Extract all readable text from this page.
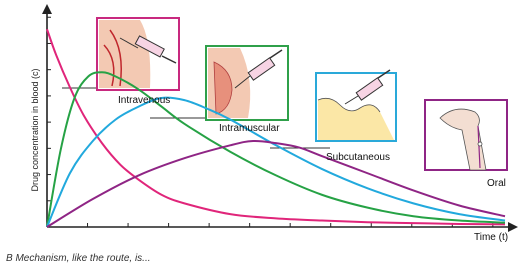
Drug concentration in blood (c)
Time (t)
Intravenous
Intramuscular
Subcutaneous
Oral
B Mechanism, like the route, is...
